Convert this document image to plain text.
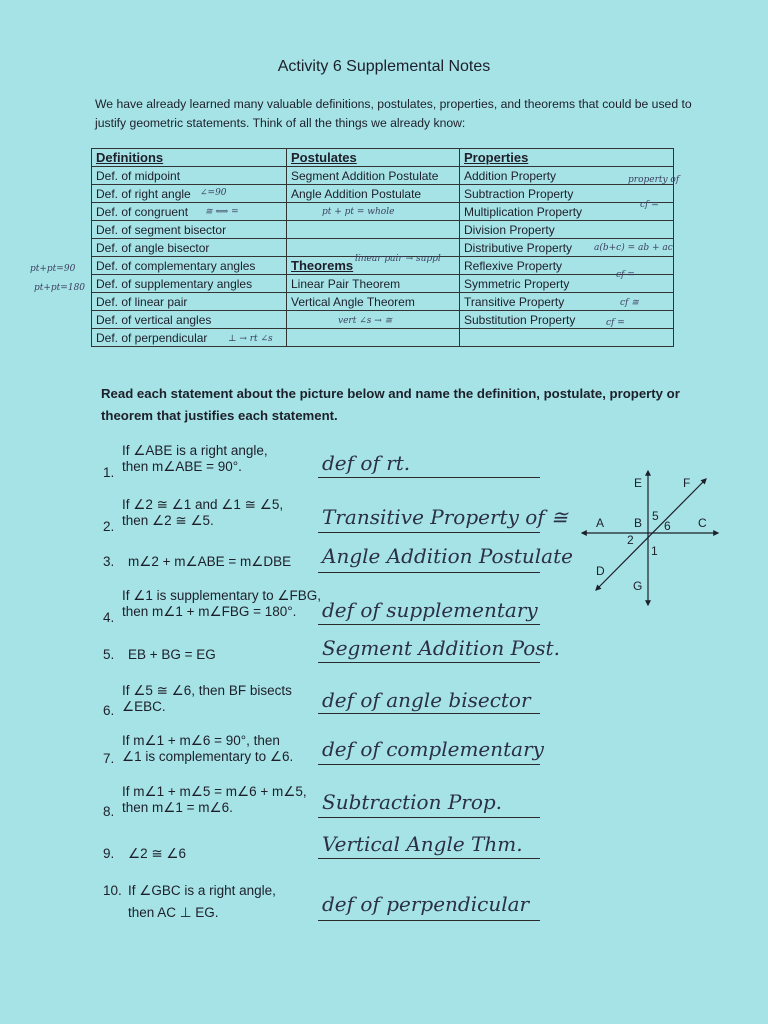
Activity 6 Supplemental Notes
We have already learned many valuable definitions, postulates, properties, and theorems that could be used to justify geometric statements. Think of all the things we already know:
Definitions	Postulates	Properties
Def. of midpoint	Segment Addition Postulate	Addition Property
Def. of right angle	Angle Addition Postulate	Subtraction Property
Def. of congruent		Multiplication Property
Def. of segment bisector		Division Property
Def. of angle bisector		Distributive Property
Def. of complementary angles	Theorems	Reflexive Property
Def. of supplementary angles	Linear Pair Theorem	Symmetric Property
Def. of linear pair	Vertical Angle Theorem	Transitive Property
Def. of vertical angles		Substitution Property
Def. of perpendicular		
∠=90
≅ ⟺ =	pt + pt = whole
linear pair → suppl
vert ∠s → ≅
⊥ → rt ∠s
pt+pt=90
pt+pt=180
a(b+c) = ab + ac
property of
cf =
cf =
cf ≅
cf =
Read each statement about the picture below and name the definition, postulate, property or theorem that justifies each statement.
If ∠ABE is a right angle,
1. then m∠ABE = 90°.	def of rt.
If ∠2 ≅ ∠1 and ∠1 ≅ ∠5,
2. then ∠2 ≅ ∠5.	Transitive Property of ≅
3. m∠2 + m∠ABE = m∠DBE Angle Addition Postulate
If ∠1 is supplementary to ∠FBG,
4. then m∠1 + m∠FBG = 180°. def of supplementary
5. EB + BG = EG	Segment Addition Post.
If ∠5 ≅ ∠6, then BF bisects
6. ∠EBC.	def of angle bisector
If m∠1 + m∠6 = 90°, then
7. ∠1 is complementary to ∠6. def of complementary
If m∠1 + m∠5 = m∠6 + m∠5,
8. then m∠1 = m∠6.	Subtraction Prop.
9. ∠2 ≅ ∠6	Vertical Angle Thm.
10. If ∠GBC is a right angle,
then AC ⊥ EG.	def of perpendicular
A B	C
D
E	F
G
1
2
5
6
